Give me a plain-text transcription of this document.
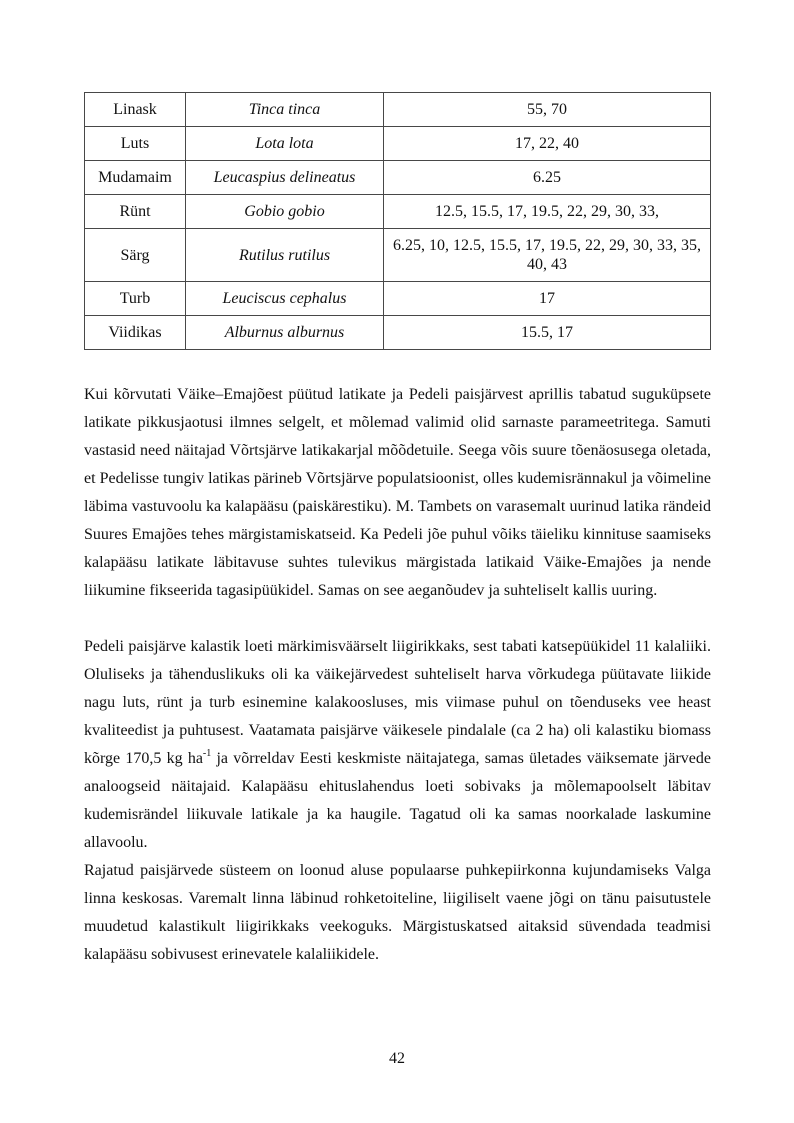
Linask	Tinca tinca	55, 70
Luts	Lota lota	17, 22, 40
Mudamaim	Leucaspius delineatus	6.25
Rünt	Gobio gobio	12.5, 15.5, 17, 19.5, 22, 29, 30, 33,
Särg	Rutilus rutilus	6.25, 10, 12.5, 15.5, 17, 19.5, 22, 29, 30, 33, 35, 40, 43
Turb	Leuciscus cephalus	17
Viidikas	Alburnus alburnus	15.5, 17

Kui kõrvutati Väike–Emajõest püütud latikate ja Pedeli paisjärvest aprillis tabatud suguküpsete latikate pikkusjaotusi ilmnes selgelt, et mõlemad valimid olid sarnaste parameetritega. Samuti vastasid need näitajad Võrtsjärve latikakarjal mõõdetuile. Seega võis suure tõenäosusega oletada, et Pedelisse tungiv latikas pärineb Võrtsjärve populatsioonist, olles kudemisrännakul ja võimeline läbima vastuvoolu ka kalapääsu (paiskärestiku). M. Tambets on varasemalt uurinud latika rändeid Suures Emajões tehes märgistamiskatseid. Ka Pedeli jõe puhul võiks täieliku kinnituse saamiseks kalapääsu latikate läbitavuse suhtes tulevikus märgistada latikaid Väike-Emajões ja nende liikumine fikseerida tagasipüükidel. Samas on see aeganõudev ja suhteliselt kallis uuring.

Pedeli paisjärve kalastik loeti märkimisväärselt liigirikkaks, sest tabati katsepüükidel 11 kalaliiki. Oluliseks ja tähenduslikuks oli ka väikejärvedest suhteliselt harva võrkudega püütavate liikide nagu luts, rünt ja turb esinemine kalakoosluses, mis viimase puhul on tõenduseks vee heast kvaliteedist ja puhtusest. Vaatamata paisjärve väikesele pindalale (ca 2 ha) oli kalastiku biomass kõrge 170,5 kg $ha^{-1}$ ja võrreldav Eesti keskmiste näitajatega, samas ületades väiksemate järvede analoogseid näitajaid. Kalapääsu ehituslahendus loeti sobivaks ja mõlemapoolselt läbitav kudemisrändel liikuvale latikale ja ka haugile. Tagatud oli ka samas noorkalade laskumine allavoolu.

Rajatud paisjärvede süsteem on loonud aluse populaarse puhkepiirkonna kujundamiseks Valga linna keskosas. Varemalt linna läbinud rohketoiteline, liigiliselt vaene jõgi on tänu paisutustele muudetud kalastikult liigirikkaks veekoguks. Märgistuskatsed aitaksid süvendada teadmisi kalapääsu sobivusest erinevatele kalaliikidele.

42
